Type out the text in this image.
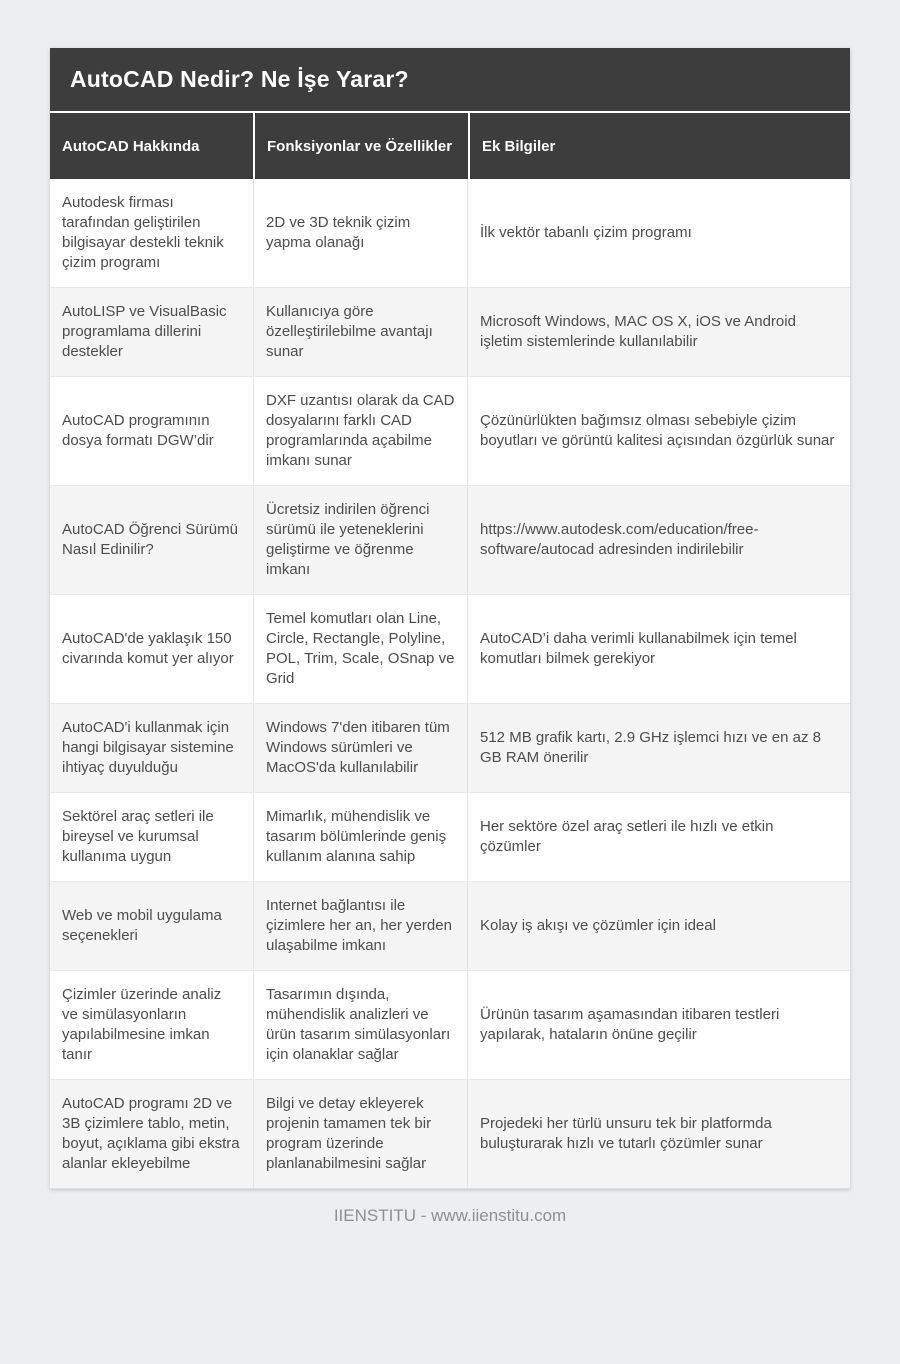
AutoCAD Nedir? Ne İşe Yarar?
AutoCAD Hakkında	Fonksiyonlar ve Özellikler	Ek Bilgiler
Autodesk firması tarafından geliştirilen bilgisayar destekli teknik çizim programı
2D ve 3D teknik çizim yapma olanağı
İlk vektör tabanlı çizim programı
AutoLISP ve VisualBasic programlama dillerini destekler
Kullanıcıya göre özelleştirilebilme avantajı sunar
Microsoft Windows, MAC OS X, iOS ve Android işletim sistemlerinde kullanılabilir
AutoCAD programının dosya formatı DGW’dir
DXF uzantısı olarak da CAD dosyalarını farklı CAD programlarında açabilme imkanı sunar
Çözünürlükten bağımsız olması sebebiyle çizim boyutları ve görüntü kalitesi açısından özgürlük sunar
AutoCAD Öğrenci Sürümü Nasıl Edinilir?
Ücretsiz indirilen öğrenci sürümü ile yeteneklerini geliştirme ve öğrenme imkanı
https://www.autodesk.com/education/free-software/autocad adresinden indirilebilir
AutoCAD'de yaklaşık 150 civarında komut yer alıyor
Temel komutları olan Line, Circle, Rectangle, Polyline, POL, Trim, Scale, OSnap ve Grid
AutoCAD’i daha verimli kullanabilmek için temel komutları bilmek gerekiyor
AutoCAD'i kullanmak için hangi bilgisayar sistemine ihtiyaç duyulduğu
Windows 7'den itibaren tüm Windows sürümleri ve MacOS'da kullanılabilir
512 MB grafik kartı, 2.9 GHz işlemci hızı ve en az 8 GB RAM önerilir
Sektörel araç setleri ile bireysel ve kurumsal kullanıma uygun
Mimarlık, mühendislik ve tasarım bölümlerinde geniş kullanım alanına sahip
Her sektöre özel araç setleri ile hızlı ve etkin çözümler
Web ve mobil uygulama seçenekleri
Internet bağlantısı ile çizimlere her an, her yerden ulaşabilme imkanı
Kolay iş akışı ve çözümler için ideal
Çizimler üzerinde analiz ve simülasyonların yapılabilmesine imkan tanır
Tasarımın dışında, mühendislik analizleri ve ürün tasarım simülasyonları için olanaklar sağlar
Ürünün tasarım aşamasından itibaren testleri yapılarak, hataların önüne geçilir
AutoCAD programı 2D ve 3B çizimlere tablo, metin, boyut, açıklama gibi ekstra alanlar ekleyebilme
Bilgi ve detay ekleyerek projenin tamamen tek bir program üzerinde planlanabilmesini sağlar
Projedeki her türlü unsuru tek bir platformda buluşturarak hızlı ve tutarlı çözümler sunar
IIENSTITU - www.iienstitu.com
